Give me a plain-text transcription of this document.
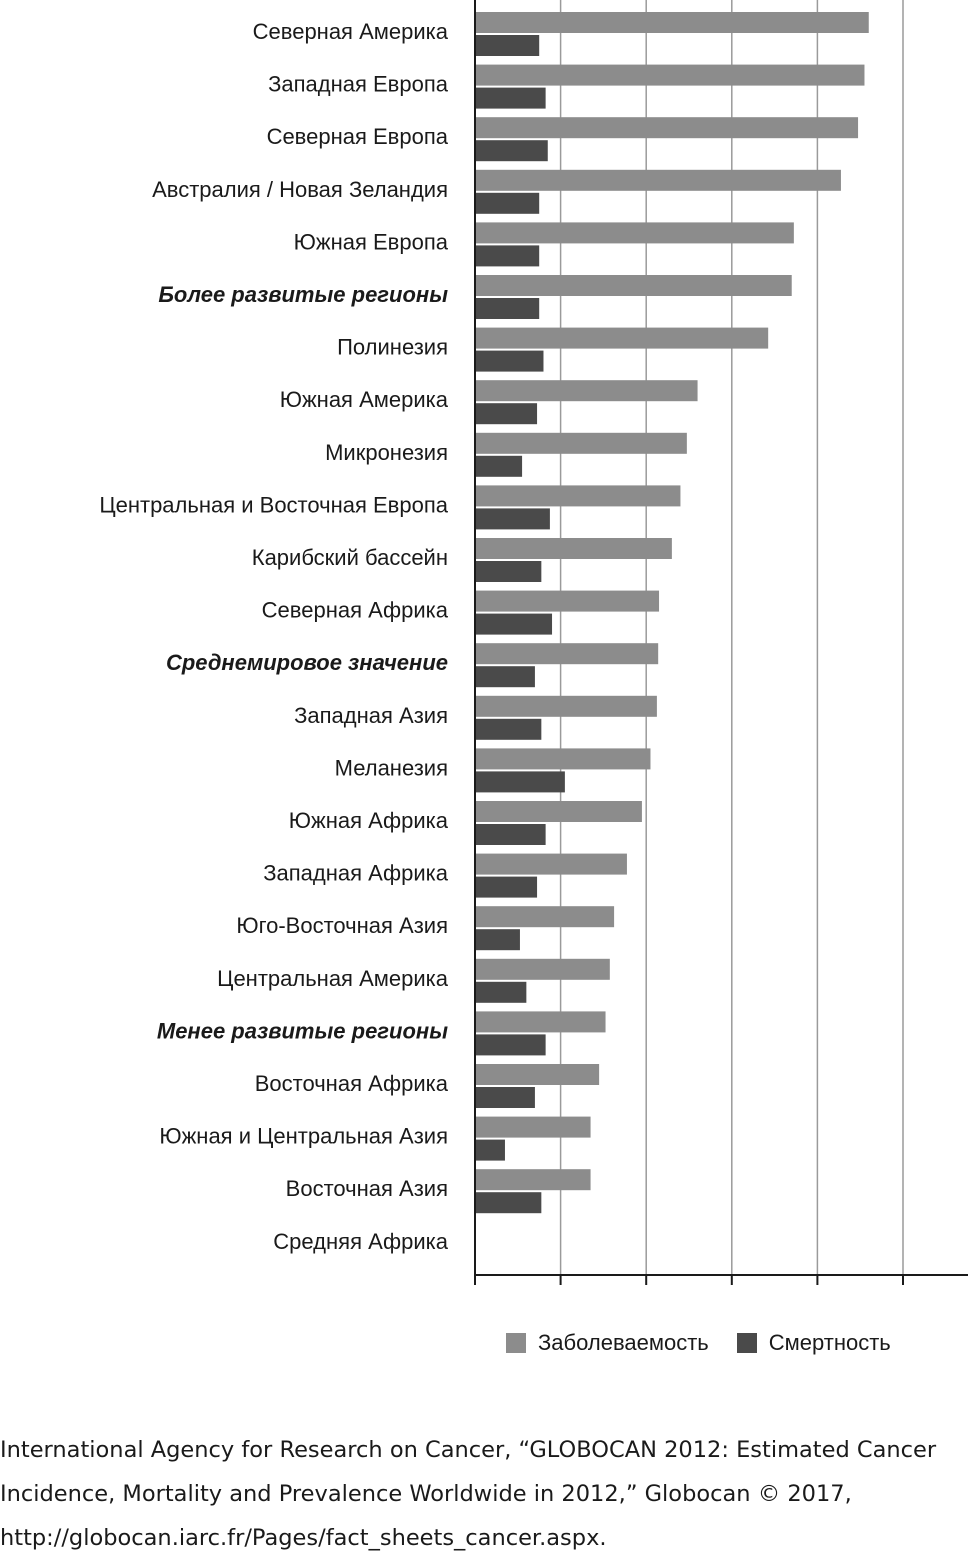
Северная Америка
Западная Европа
Северная Европа
Австралия / Новая Зеландия
Южная Европа
Более развитые регионы
Полинезия
Южная Америка
Микронезия
Центральная и Восточная Европа
Карибский бассейн
Северная Африка
Среднемировое значение
Западная Азия
Меланезия
Южная Африка
Западная Африка
Юго-Восточная Азия
Центральная Америка
Менее развитые регионы
Восточная Африка
Южная и Центральная Азия
Восточная Азия
Средняя Африка
Заболеваемость	Смертность
International Agency for Research on Cancer, “GLOBOCAN 2012: Estimated Cancer
Incidence, Mortality and Prevalence Worldwide in 2012,” Globocan © 2017,
http://globocan.iarc.fr/Pages/fact_sheets_cancer.aspx.
